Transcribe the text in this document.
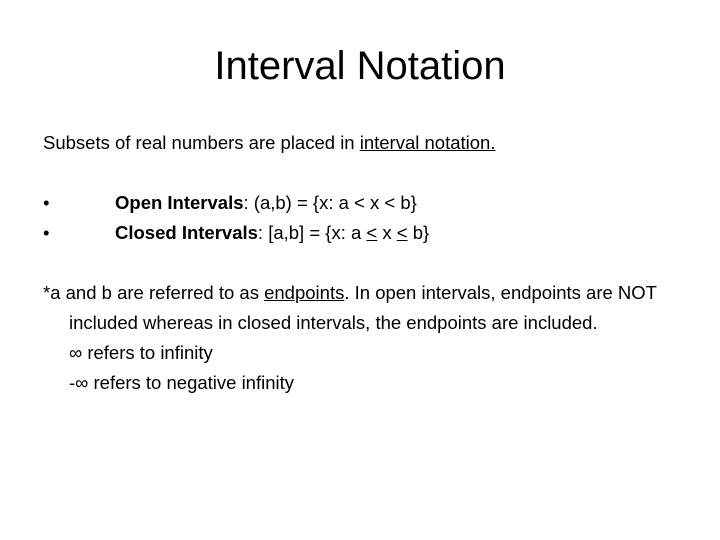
Interval Notation
Subsets of real numbers are placed in interval notation.
•	Open Intervals: (a,b) = {x: a < x < b}
•	Closed Intervals: [a,b] = {x: a ≤ x ≤ b}
*a and b are referred to as endpoints. In open intervals, endpoints are NOT included whereas in closed intervals, the endpoints are included.
∞ refers to infinity
-∞ refers to negative infinity
